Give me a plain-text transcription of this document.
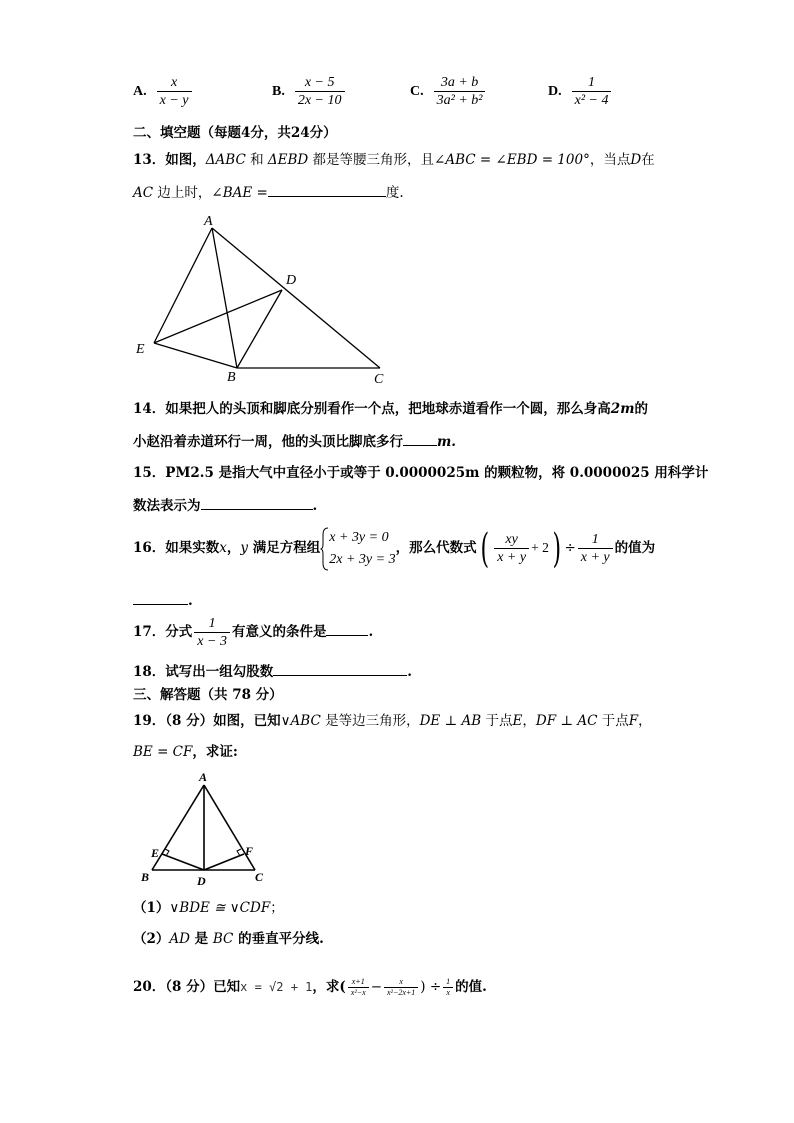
A. $\frac{x}{x - y}$	B. $\frac{x - 5}{2x - 10}$	C. $\frac{3a + b}{\text{3a² + b²}}$	D. $\frac{1}{\text{x² − 4}}$
二、填空题（每题4分，共24分）
13．如图，ΔABC 和 ΔEBD 都是等腰三角形，且∠ABC = ∠EBD = 100°，当点D在
AC 边上时，∠BAE =	度.
A
E
B	C
D
14．如果把人的头顶和脚底分别看作一个点，把地球赤道看作一个圆，那么身高2m的
小赵沿着赤道环行一周，他的头顶比脚底多行	m.
15．PM2.5 是指大气中直径小于或等于 0.0000025m 的颗粒物，将 0.0000025 用科学计
数法表示为	.
16．如果实数x，y 满足方程组
x + 3y = 0
2x + 3y = 3
，那么代数式( $\frac{xy}{x + y} + 2) \div \frac{1}{x + y}$ 的值为
.
17．分式 $\frac{1}{x - 3}$ 有意义的条件是	.
18．试写出一组勾股数	.
三、解答题（共 78 分）
19．（8 分）如图，已知∨ABC 是等边三角形，DE ⊥ AB 于点E，DF ⊥ AC 于点F，
BE = CF，求证:
A
E	F
B	D	C
（1）∨BDE ≅ ∨CDF；
（2）AD 是 BC 的垂直平分线.
20．（8 分）已知x = √2 + 1，求( $\frac{x+1}{\text{x²−x}} - \frac{x}{\text{x²−2x+1}}$ ) ÷ $\frac{1}{x}$ 的值.
